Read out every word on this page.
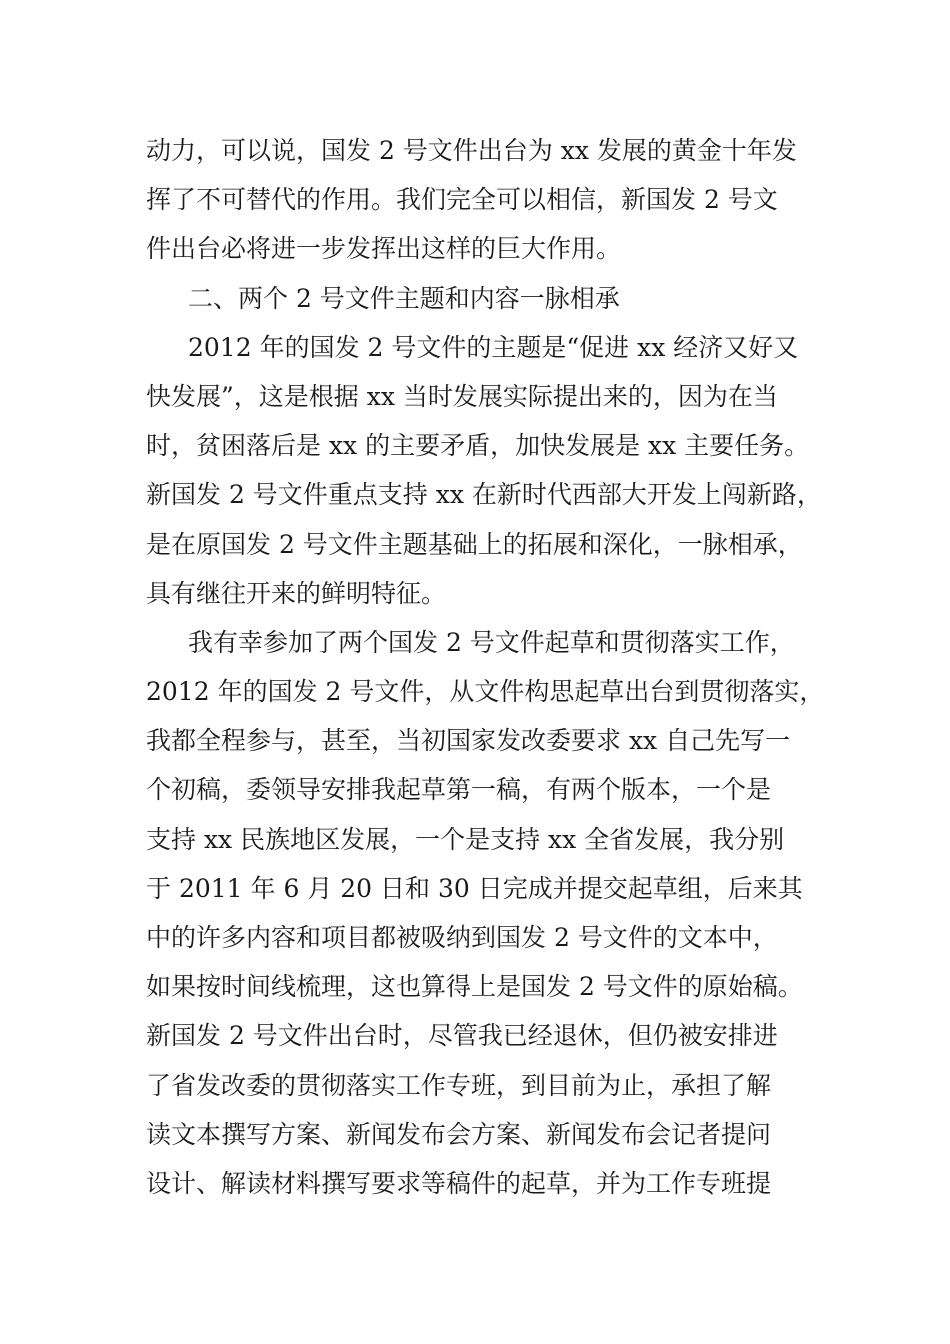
动力，可以说，国发 2 号文件出台为 xx 发展的黄金十年发
挥了不可替代的作用。我们完全可以相信，新国发 2 号文
件出台必将进一步发挥出这样的巨大作用。
二、两个 2 号文件主题和内容一脉相承
2012 年的国发 2 号文件的主题是“促进 xx 经济又好又
快发展”，这是根据 xx 当时发展实际提出来的，因为在当
时，贫困落后是 xx 的主要矛盾，加快发展是 xx 主要任务。
新国发 2 号文件重点支持 xx 在新时代西部大开发上闯新路，
是在原国发 2 号文件主题基础上的拓展和深化，一脉相承，
具有继往开来的鲜明特征。
我有幸参加了两个国发 2 号文件起草和贯彻落实工作，
2012 年的国发 2 号文件，从文件构思起草出台到贯彻落实，
我都全程参与，甚至，当初国家发改委要求 xx 自己先写一
个初稿，委领导安排我起草第一稿，有两个版本，一个是
支持 xx 民族地区发展，一个是支持 xx 全省发展，我分别
于 2011 年 6 月 20 日和 30 日完成并提交起草组，后来其
中的许多内容和项目都被吸纳到国发 2 号文件的文本中，
如果按时间线梳理，这也算得上是国发 2 号文件的原始稿。
新国发 2 号文件出台时，尽管我已经退休，但仍被安排进
了省发改委的贯彻落实工作专班，到目前为止，承担了解
读文本撰写方案、新闻发布会方案、新闻发布会记者提问
设计、解读材料撰写要求等稿件的起草，并为工作专班提
